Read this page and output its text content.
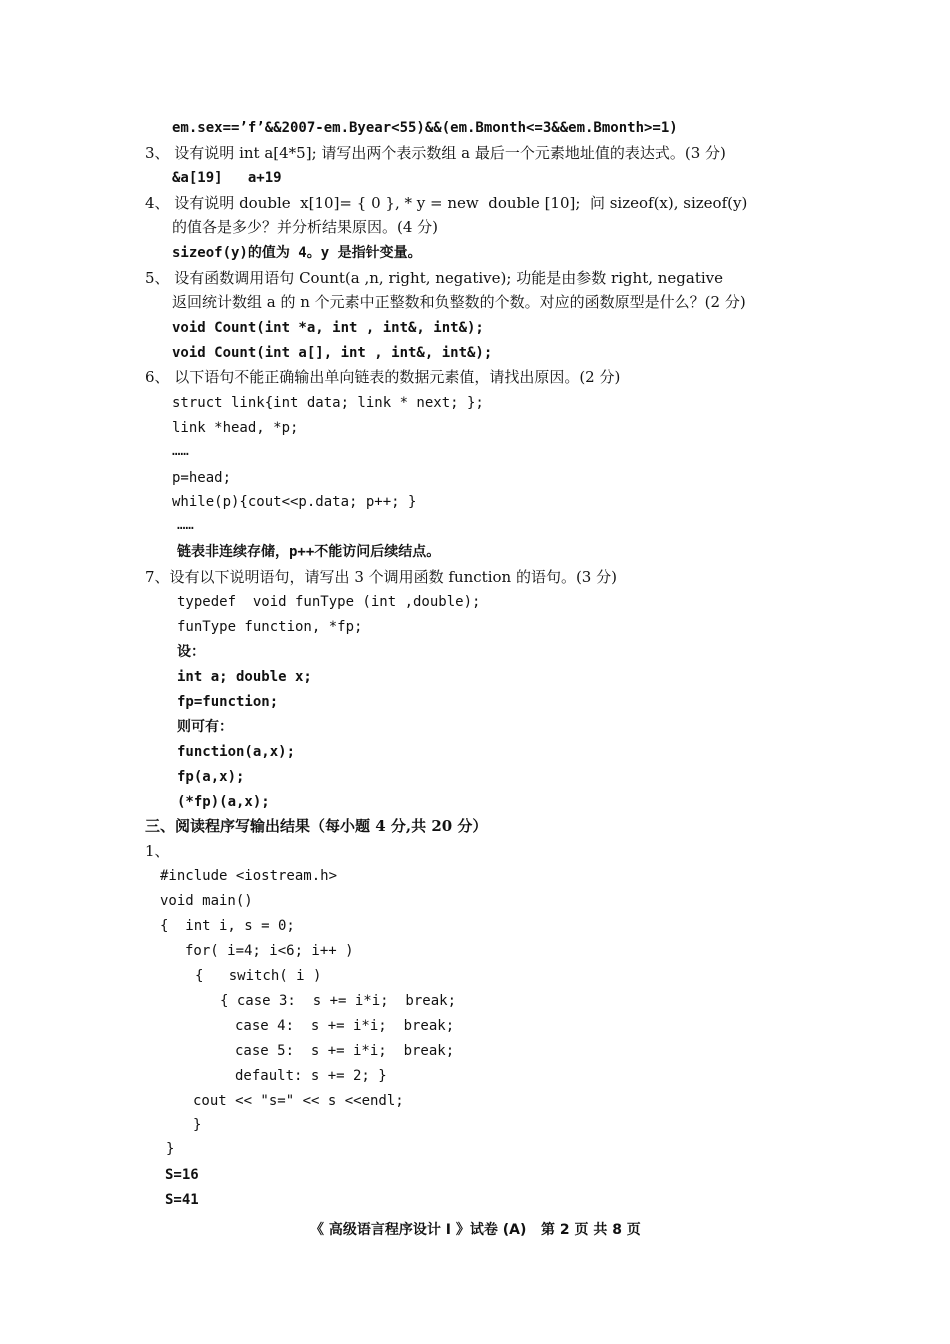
em.sex==’f’&&2007-em.Byear<55)&&(em.Bmonth<=3&&em.Bmonth>=1)
3、 设有说明 int a[4*5]; 请写出两个表示数组 a 最后一个元素地址值的表达式。(3 分)
&a[19]   a+19
4、 设有说明 double  x[10]= { 0 }, * y = new  double [10];  问 sizeof(x), sizeof(y)
的值各是多少？并分析结果原因。(4 分)
sizeof(y)的值为 4。y 是指针变量。
5、 设有函数调用语句 Count(a ,n, right, negative); 功能是由参数 right, negative
返回统计数组 a 的 n 个元素中正整数和负整数的个数。对应的函数原型是什么？(2 分)
void Count(int *a, int , int&, int&);
void Count(int a[], int , int&, int&);
6、 以下语句不能正确输出单向链表的数据元素值，请找出原因。(2 分)
struct link{int data; link * next; };
link *head, *p;
……
p=head;
while(p){cout<<p.data; p++; }
……
链表非连续存储，p++不能访问后续结点。
7、设有以下说明语句，请写出 3 个调用函数 function 的语句。(3 分)
typedef  void funType (int ,double);
funType function, *fp;
设：
int a; double x;
fp=function;
则可有：
function(a,x);
fp(a,x);
(*fp)(a,x);
三、阅读程序写输出结果（每小题 4 分,共 20 分）
1、
#include <iostream.h>
void main()
{  int i, s = 0;
for( i=4; i<6; i++ )
{   switch( i )
{ case 3:  s += i*i;  break;
case 4:  s += i*i;  break;
case 5:  s += i*i;  break;
default: s += 2; }
cout << "s=" << s <<endl;
}
}
S=16
S=41
《 高级语言程序设计 I 》试卷 (A)   第 2 页 共 8 页
